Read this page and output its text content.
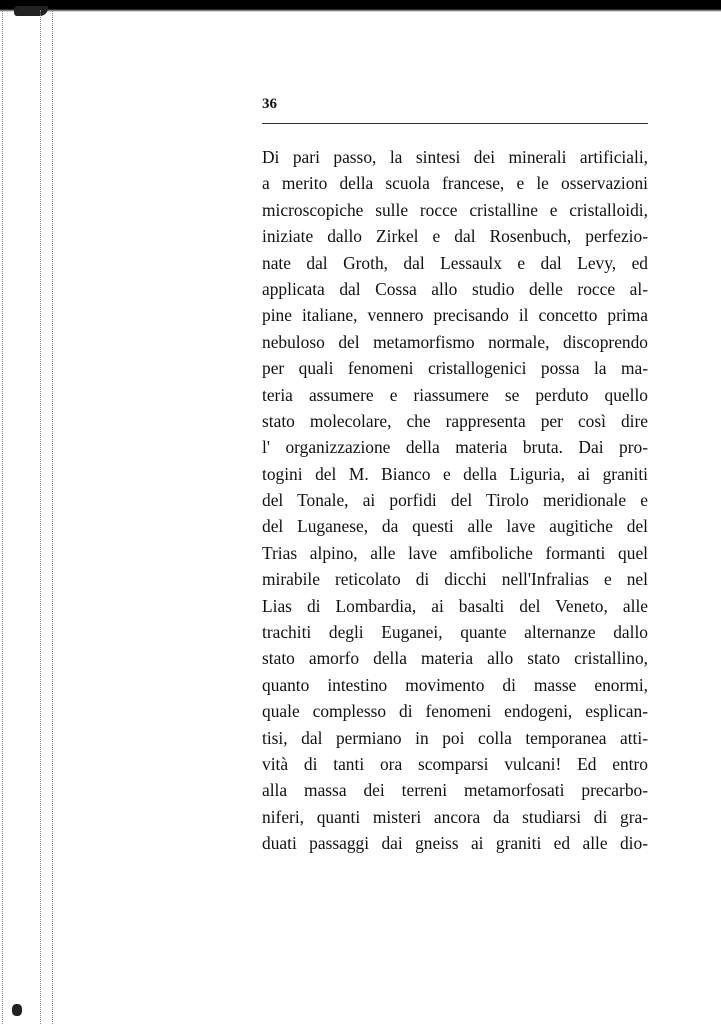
36
Di pari passo, la sintesi dei minerali artificiali,
a merito della scuola francese, e le osservazioni
microscopiche sulle rocce cristalline e cristalloidi,
iniziate dallo Zirkel e dal Rosenbuch, perfezio-
nate dal Groth, dal Lessaulx e dal Levy, ed
applicata dal Cossa allo studio delle rocce al-
pine italiane, vennero precisando il concetto prima
nebuloso del metamorfismo normale, discoprendo
per quali fenomeni cristallogenici possa la ma-
teria assumere e riassumere se perduto quello
stato molecolare, che rappresenta per così dire
l' organizzazione della materia bruta. Dai pro-
togini del M. Bianco e della Liguria, ai graniti
del Tonale, ai porfidi del Tirolo meridionale e
del Luganese, da questi alle lave augitiche del
Trias alpino, alle lave amfiboliche formanti quel
mirabile reticolato di dicchi nell'Infralias e nel
Lias di Lombardia, ai basalti del Veneto, alle
trachiti degli Euganei, quante alternanze dallo
stato amorfo della materia allo stato cristallino,
quanto intestino movimento di masse enormi,
quale complesso di fenomeni endogeni, esplican-
tisi, dal permiano in poi colla temporanea atti-
vità di tanti ora scomparsi vulcani! Ed entro
alla massa dei terreni metamorfosati precarbo-
niferi, quanti misteri ancora da studiarsi di gra-
duati passaggi dai gneiss ai graniti ed alle dio-
